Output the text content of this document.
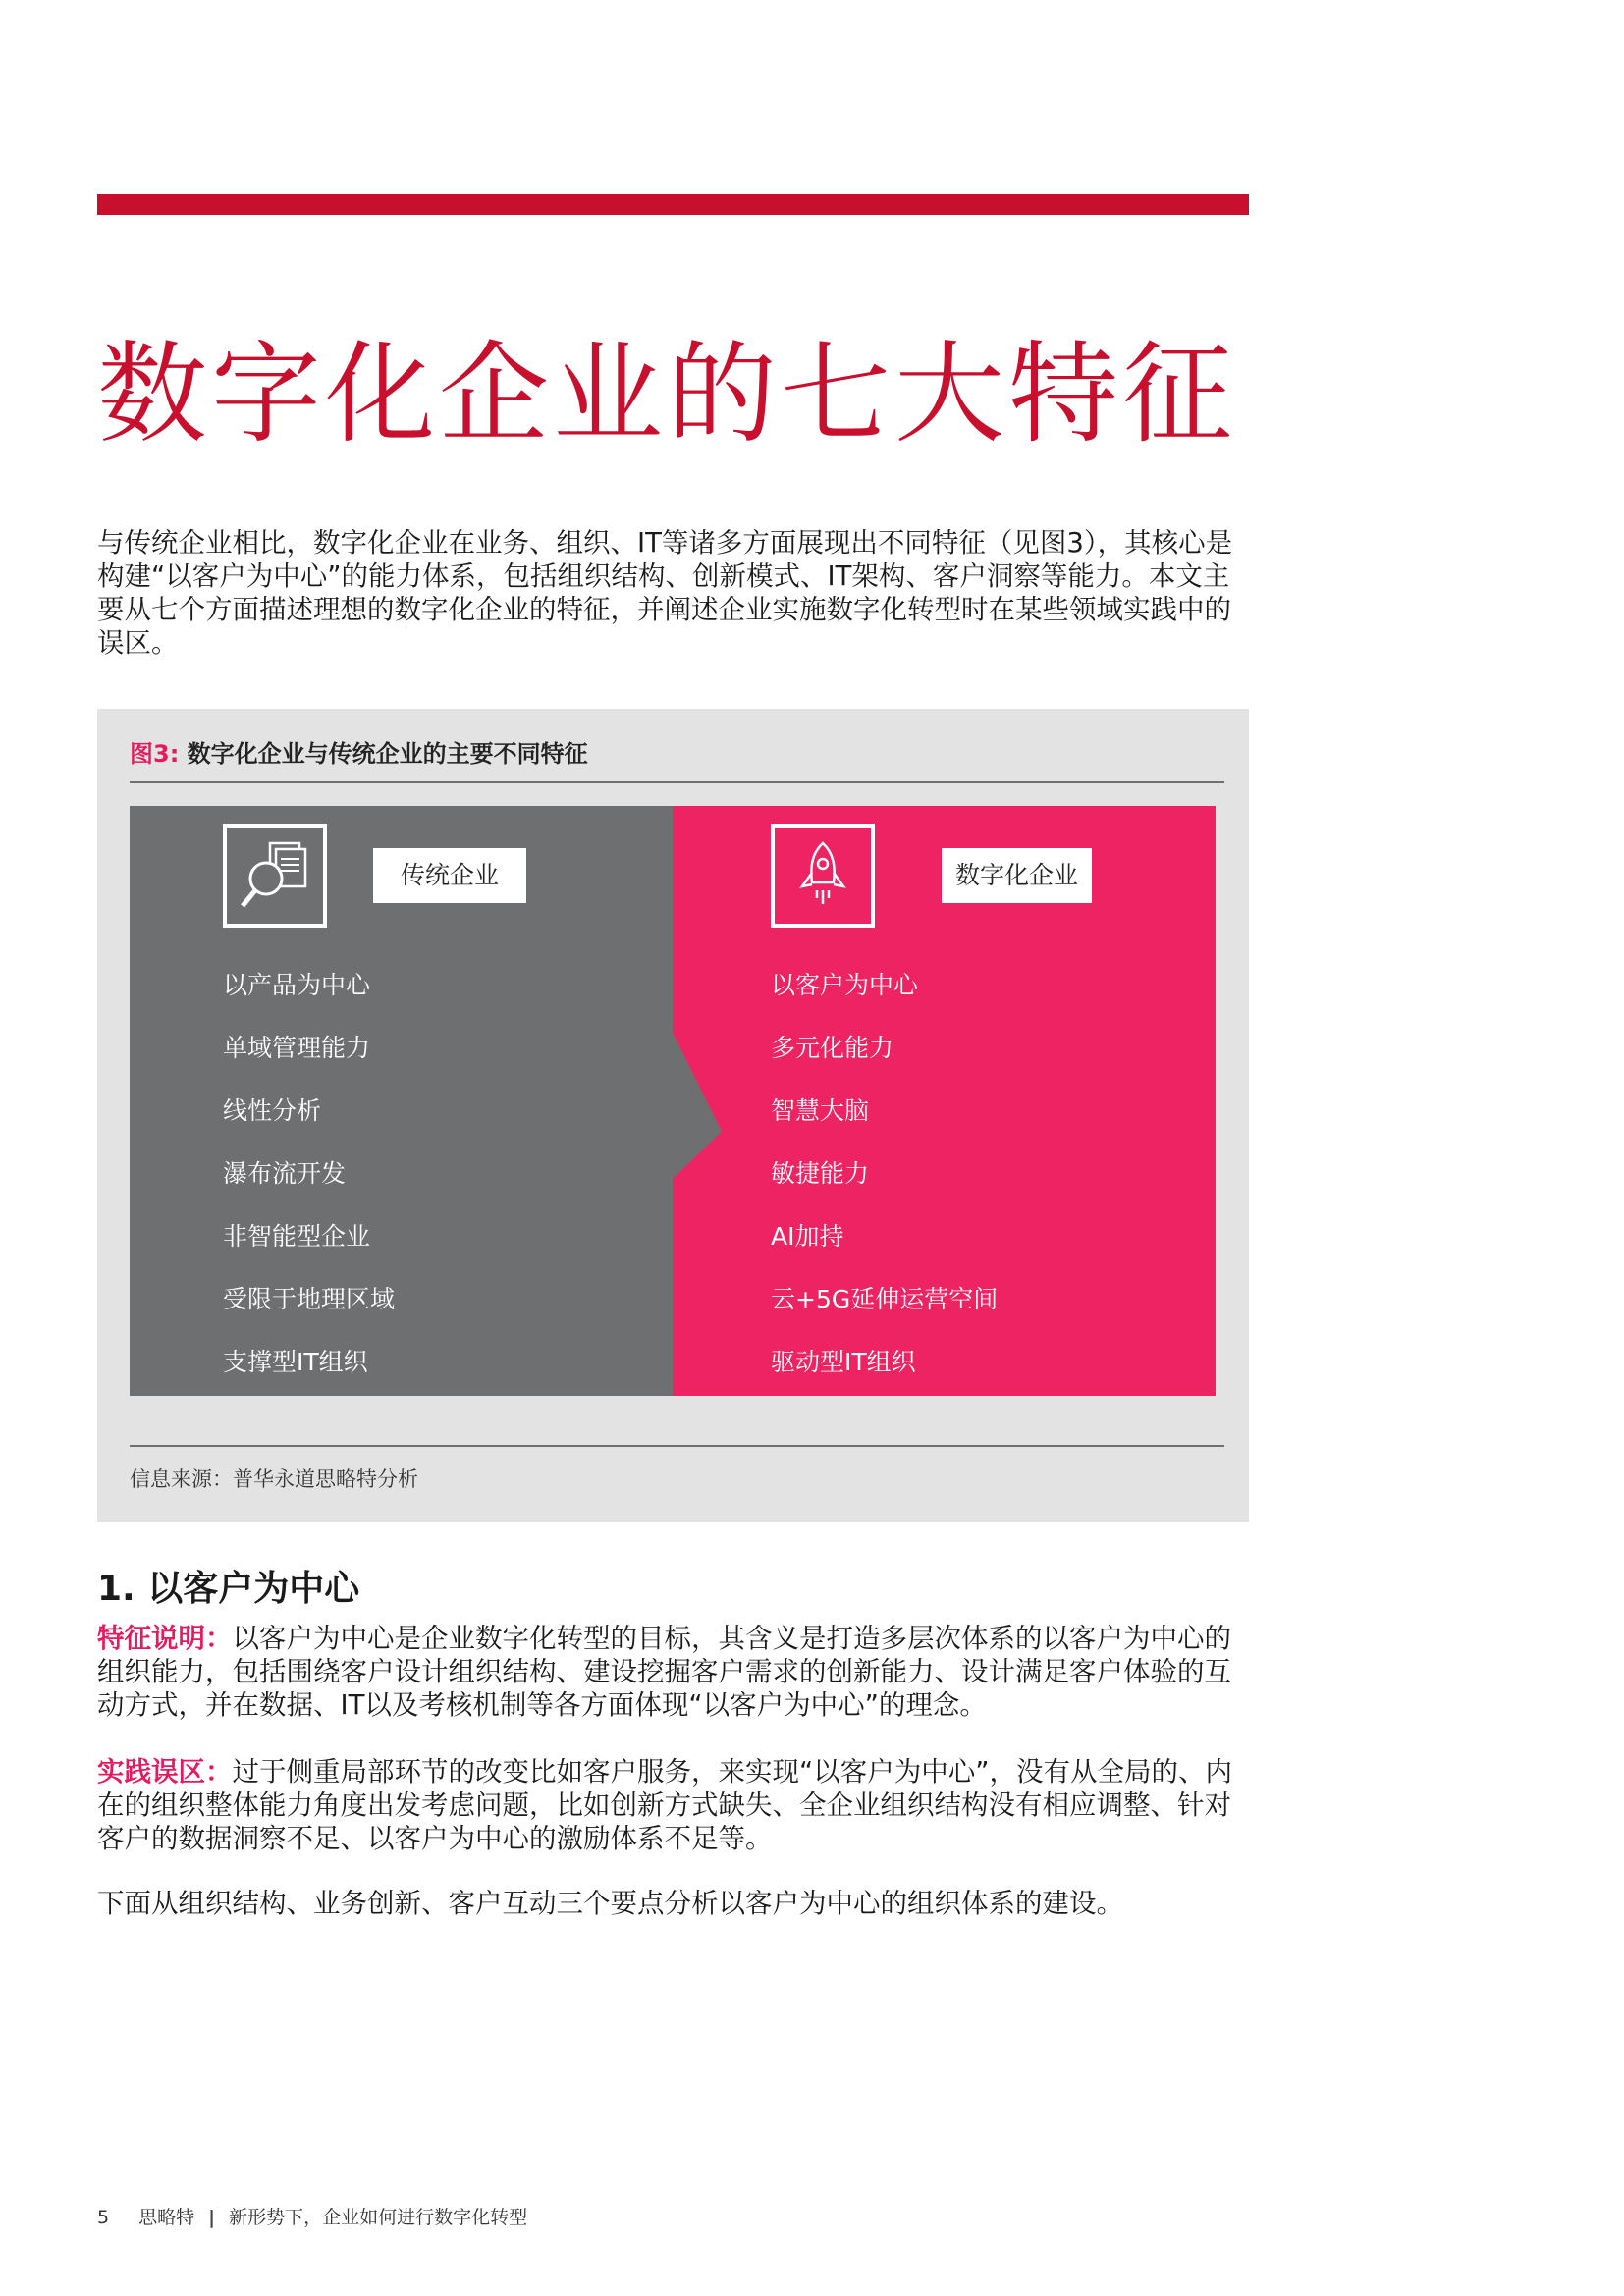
数字化企业的七大特征
与传统企业相比，数字化企业在业务、组织、IT等诸多方面展现出不同特征（见图3），其核心是构建“以客户为中心”的能力体系，包括组织结构、创新模式、IT架构、客户洞察等能力。本文主要从七个方面描述理想的数字化企业的特征，并阐述企业实施数字化转型时在某些领域实践中的误区。
图3: 数字化企业与传统企业的主要不同特征
传统企业	数字化企业
以产品为中心
单域管理能力
线性分析
瀑布流开发
非智能型企业
受限于地理区域
支撑型IT组织
以客户为中心
多元化能力
智慧大脑
敏捷能力
AI加持
云+5G延伸运营空间
驱动型IT组织
信息来源：普华永道思略特分析
1. 以客户为中心
特征说明：以客户为中心是企业数字化转型的目标，其含义是打造多层次体系的以客户为中心的组织能力，包括围绕客户设计组织结构、建设挖掘客户需求的创新能力、设计满足客户体验的互动方式，并在数据、IT以及考核机制等各方面体现“以客户为中心”的理念。
实践误区：过于侧重局部环节的改变比如客户服务，来实现“以客户为中心”，没有从全局的、内在的组织整体能力角度出发考虑问题，比如创新方式缺失、全企业组织结构没有相应调整、针对客户的数据洞察不足、以客户为中心的激励体系不足等。
下面从组织结构、业务创新、客户互动三个要点分析以客户为中心的组织体系的建设。
5 思略特 | 新形势下，企业如何进行数字化转型
